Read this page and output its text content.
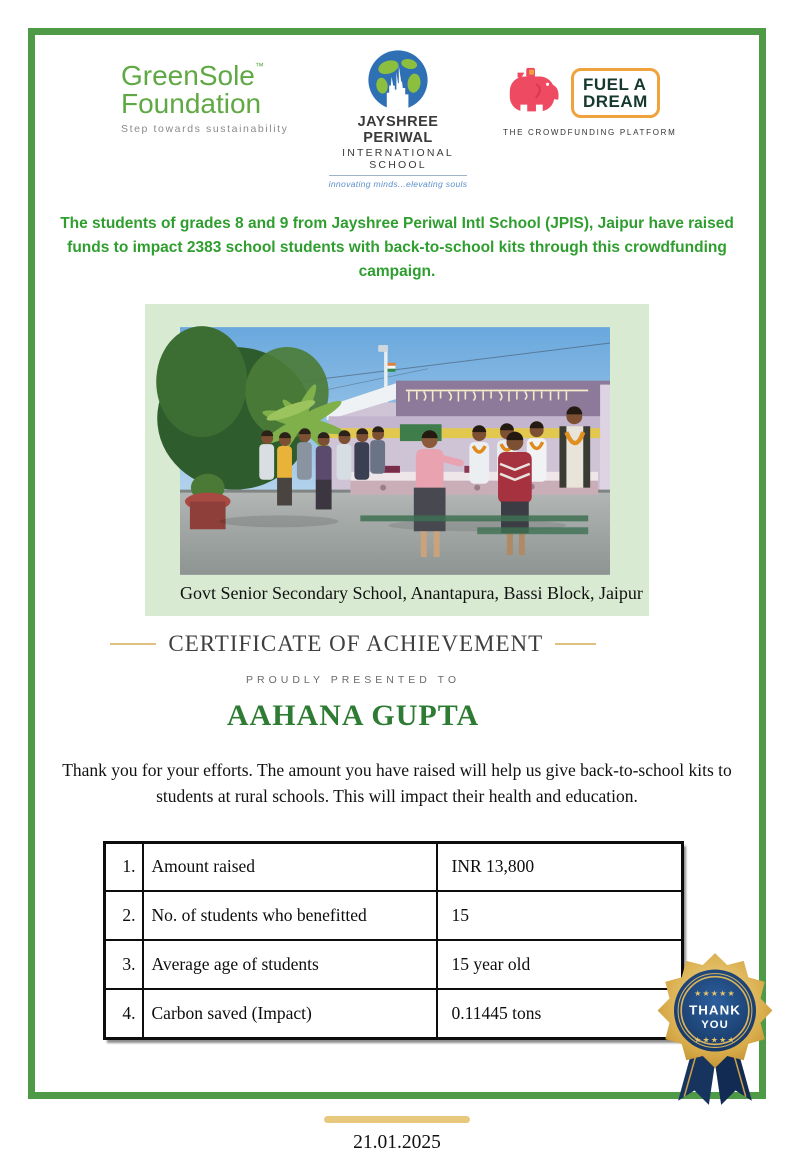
GreenSole™
Foundation
Step towards sustainability	JAYSHREE PERIWAL
INTERNATIONAL SCHOOL
innovating minds...elevating souls
FUEL A
DREAM
THE CROWDFUNDING PLATFORM

The students of grades 8 and 9 from Jayshree Periwal Intl School (JPIS), Jaipur have raised funds to impact 2383 school students with back-to-school kits through this crowdfunding campaign.

Govt Senior Secondary School, Anantapura, Bassi Block, Jaipur
CERTIFICATE OF ACHIEVEMENT
PROUDLY PRESENTED TO
AAHANA GUPTA

Thank you for your efforts. The amount you have raised will help us give back-to-school kits to students at rural schools. This will impact their health and education.

1.	Amount raised	INR 13,800
2.	No. of students who benefitted	15
3.	Average age of students	15 year old
4.	Carbon saved (Impact)	0.11445 tons
21.01.2025
★★★★★
THANK
YOU
★★★★★
